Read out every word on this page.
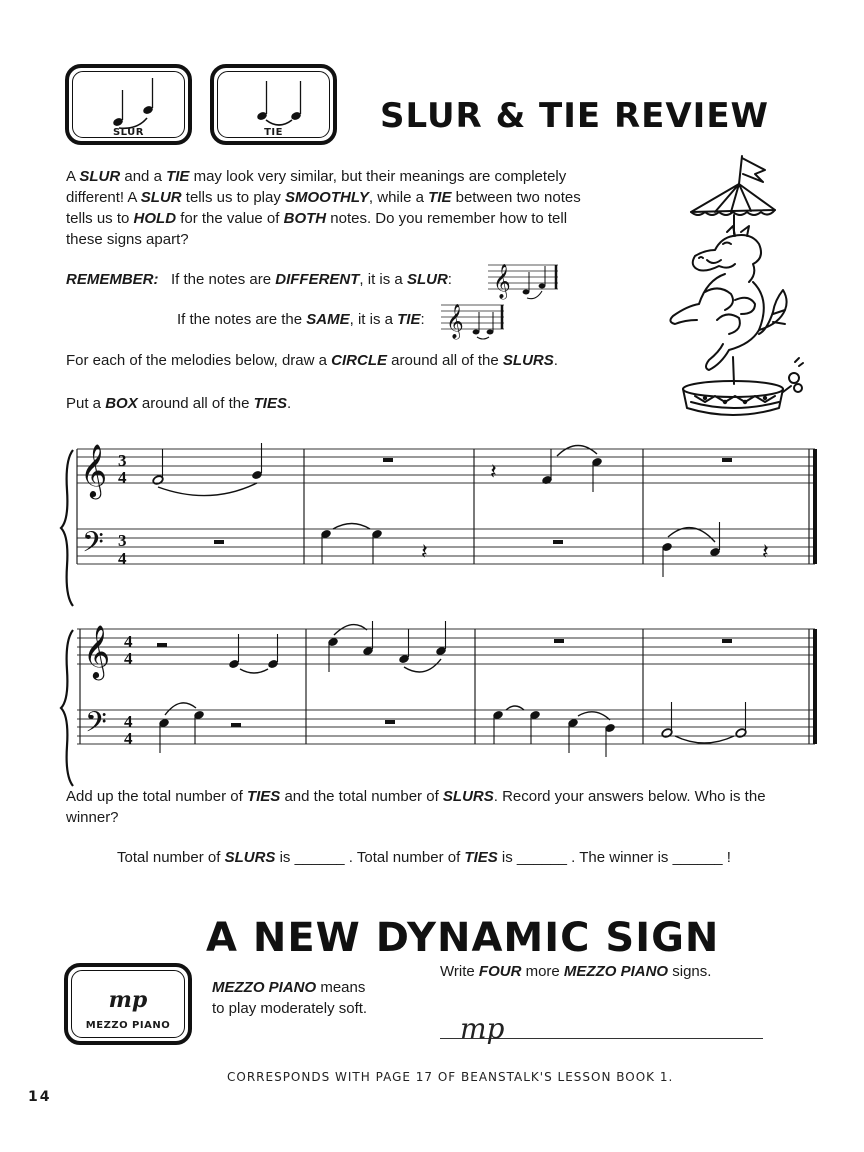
SLUR	TIE	SLUR & TIE REVIEW
A SLUR and a TIE may look very similar, but their meanings are completely different! A SLUR tells us to play SMOOTHLY, while a TIE between two notes tells us to HOLD for the value of BOTH notes. Do you remember how to tell these signs apart?
REMEMBER: If the notes are DIFFERENT, it is a SLUR: 𝄞
If the notes are the SAME, it is a TIE: 𝄞
For each of the melodies below, draw a CIRCLE around all of the SLURS.
Put a BOX around all of the TIES.
𝄞
𝄢
3
4
3
4	𝄽
𝄽
𝄽
𝄞
𝄢
4
4
4
4
Add up the total number of TIES and the total number of SLURS. Record your answers below. Who is the winner?
Total number of SLURS is ______ . Total number of TIES is ______ . The winner is ______ !
A NEW DYNAMIC SIGN
mp
MEZZO PIANO
MEZZO PIANO means
to play moderately soft.
Write FOUR more MEZZO PIANO signs.
mp
CORRESPONDS WITH PAGE 17 OF BEANSTALK'S LESSON BOOK 1.
14
